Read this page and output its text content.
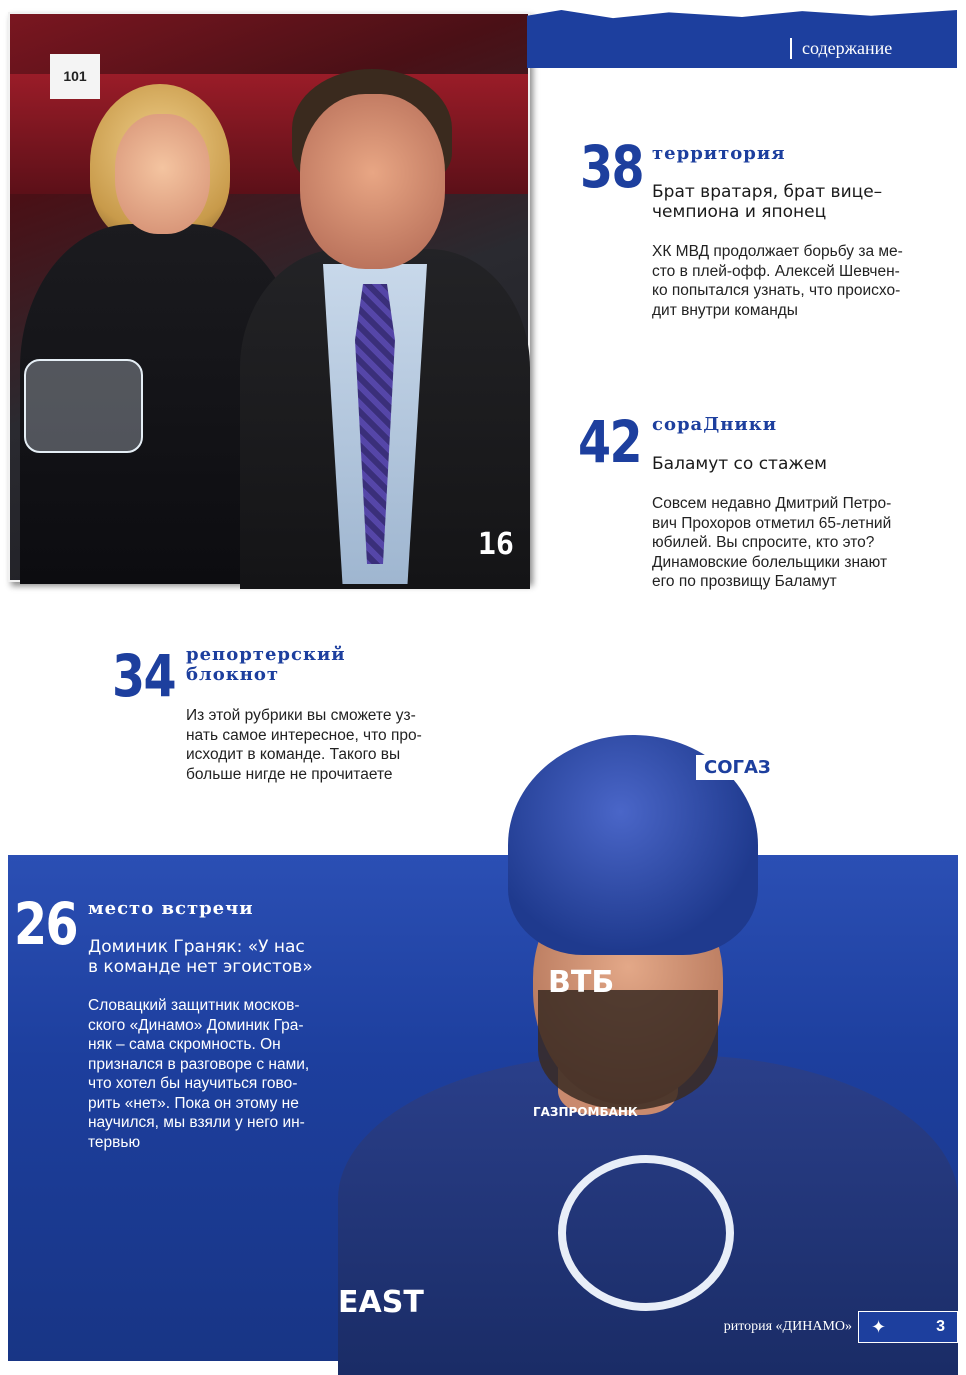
101
16
содержание
38 территория
Брат вратаря, брат вице–чемпиона и японец
ХК МВД продолжает борьбу за ме-
сто в плей-офф. Алексей Шевчен-
ко попытался узнать, что происхо-
дит внутри команды
42 сораДники
Баламут со стажем
Совсем недавно Дмитрий Петро-
вич Прохоров отметил 65-летний
юбилей. Вы спросите, кто это?
Динамовские болельщики знают
его по прозвищу Баламут
34 репортерский
блокнот
Из этой рубрики вы сможете уз-
нать самое интересное, что про-
исходит в команде. Такого вы
больше нигде не прочитаете	СОГАЗ
ВТБ
ГАЗПРОМБАНК
EAST
26 место встречи
Доминик Граняк: «У нас
в команде нет эгоистов»
Словацкий защитник москов-
ского «Динамо» Доминик Гра-
няк – сама скромность. Он
признался в разговоре с нами,
что хотел бы научиться гово-
рить «нет». Пока он этому не
научился, мы взяли у него ин-
тервью
ритория «ДИНАМО»	✦	3
